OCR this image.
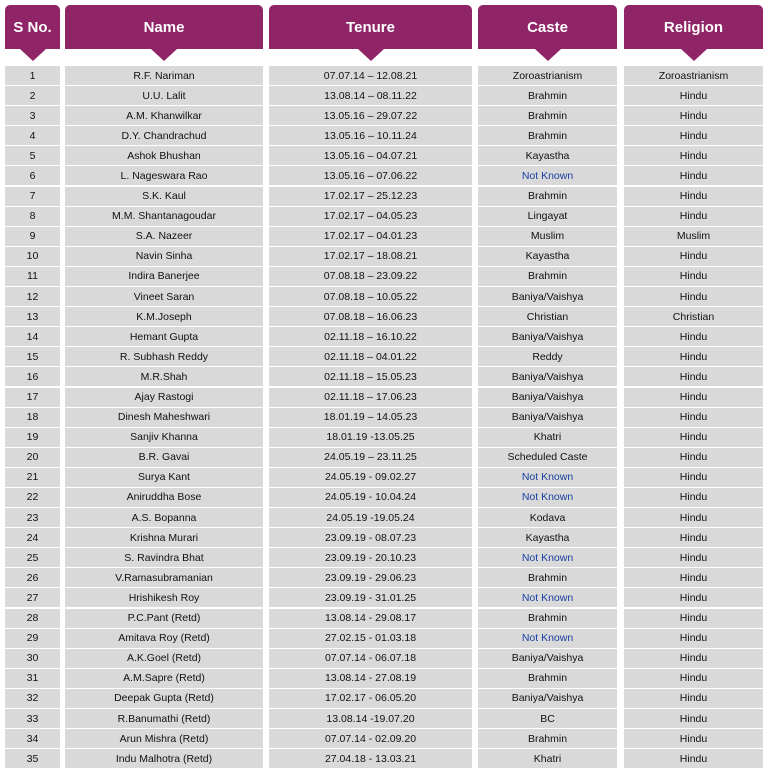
S No.	Name	Tenure	Caste	Religion
1	R.F. Nariman	07.07.14 – 12.08.21	Zoroastrianism	Zoroastrianism
2	U.U. Lalit	13.08.14 – 08.11.22	Brahmin	Hindu
3	A.M. Khanwilkar	13.05.16 – 29.07.22	Brahmin	Hindu
4	D.Y. Chandrachud	13.05.16 – 10.11.24	Brahmin	Hindu
5	Ashok Bhushan	13.05.16 – 04.07.21	Kayastha	Hindu
6	L. Nageswara Rao	13.05.16 – 07.06.22	Not Known	Hindu
7	S.K. Kaul	17.02.17 – 25.12.23	Brahmin	Hindu
8	M.M. Shantanagoudar	17.02.17 – 04.05.23	Lingayat	Hindu
9	S.A. Nazeer	17.02.17 – 04.01.23	Muslim	Muslim
10	Navin Sinha	17.02.17 – 18.08.21	Kayastha	Hindu
11	Indira Banerjee	07.08.18 – 23.09.22	Brahmin	Hindu
12	Vineet Saran	07.08.18 – 10.05.22	Baniya/Vaishya	Hindu
13	K.M.Joseph	07.08.18 – 16.06.23	Christian	Christian
14	Hemant Gupta	02.11.18 – 16.10.22	Baniya/Vaishya	Hindu
15	R. Subhash Reddy	02.11.18 – 04.01.22	Reddy	Hindu
16	M.R.Shah	02.11.18 – 15.05.23	Baniya/Vaishya	Hindu
17	Ajay Rastogi	02.11.18 – 17.06.23	Baniya/Vaishya	Hindu
18	Dinesh Maheshwari	18.01.19 – 14.05.23	Baniya/Vaishya	Hindu
19	Sanjiv Khanna	18.01.19 -13.05.25	Khatri	Hindu
20	B.R. Gavai	24.05.19 – 23.11.25	Scheduled Caste	Hindu
21	Surya Kant	24.05.19 - 09.02.27	Not Known	Hindu
22	Aniruddha Bose	24.05.19 - 10.04.24	Not Known	Hindu
23	A.S. Bopanna	24.05.19 -19.05.24	Kodava	Hindu
24	Krishna Murari	23.09.19 - 08.07.23	Kayastha	Hindu
25	S. Ravindra Bhat	23.09.19 - 20.10.23	Not Known	Hindu
26	V.Ramasubramanian	23.09.19 - 29.06.23	Brahmin	Hindu
27	Hrishikesh Roy	23.09.19 - 31.01.25	Not Known	Hindu
28	P.C.Pant (Retd)	13.08.14 - 29.08.17	Brahmin	Hindu
29	Amitava Roy (Retd)	27.02.15 - 01.03.18	Not Known	Hindu
30	A.K.Goel (Retd)	07.07.14 - 06.07.18	Baniya/Vaishya	Hindu
31	A.M.Sapre (Retd)	13.08.14 - 27.08.19	Brahmin	Hindu
32	Deepak Gupta (Retd)	17.02.17 - 06.05.20	Baniya/Vaishya	Hindu
33	R.Banumathi (Retd)	13.08.14 -19.07.20	BC	Hindu
34	Arun Mishra (Retd)	07.07.14 - 02.09.20	Brahmin	Hindu
35	Indu Malhotra (Retd)	27.04.18 - 13.03.21	Khatri	Hindu
